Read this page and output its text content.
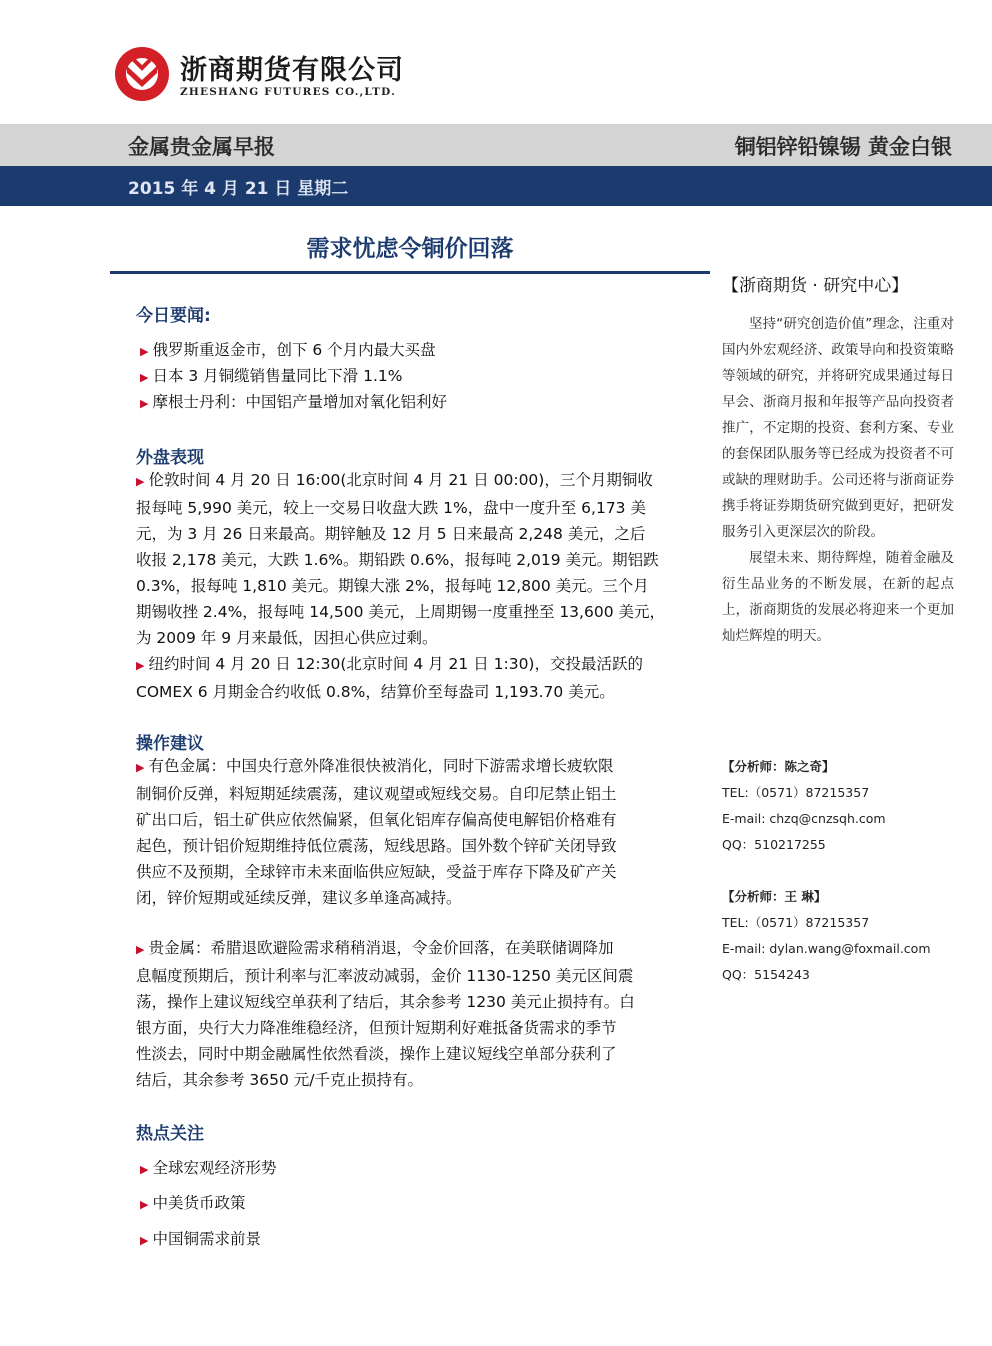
浙商期货有限公司
ZHESHANG FUTURES CO.,LTD.
金属贵金属早报	铜铝锌铅镍锡 黄金白银
2015 年 4 月 21 日 星期二
需求忧虑令铜价回落
今日要闻:
▶ 俄罗斯重返金市，创下 6 个月内最大买盘
▶ 日本 3 月铜缆销售量同比下滑 1.1%
▶ 摩根士丹利：中国铝产量增加对氧化铝利好
外盘表现
▶ 伦敦时间 4 月 20 日 16:00(北京时间 4 月 21 日 00:00)，三个月期铜收
报每吨 5,990 美元，较上一交易日收盘大跌 1%，盘中一度升至 6,173 美
元，为 3 月 26 日来最高。期锌触及 12 月 5 日来最高 2,248 美元，之后
收报 2,178 美元，大跌 1.6%。期铅跌 0.6%，报每吨 2,019 美元。期铝跌
0.3%，报每吨 1,810 美元。期镍大涨 2%，报每吨 12,800 美元。三个月
期锡收挫 2.4%，报每吨 14,500 美元，上周期锡一度重挫至 13,600 美元，
为 2009 年 9 月来最低，因担心供应过剩。
▶ 纽约时间 4 月 20 日 12:30(北京时间 4 月 21 日 1:30)，交投最活跃的
COMEX 6 月期金合约收低 0.8%，结算价至每盎司 1,193.70 美元。
操作建议
▶ 有色金属：中国央行意外降准很快被消化，同时下游需求增长疲软限
制铜价反弹，料短期延续震荡，建议观望或短线交易。自印尼禁止铝土
矿出口后，铝土矿供应依然偏紧，但氧化铝库存偏高使电解铝价格难有
起色，预计铝价短期维持低位震荡，短线思路。国外数个锌矿关闭导致
供应不及预期，全球锌市未来面临供应短缺，受益于库存下降及矿产关
闭，锌价短期或延续反弹，建议多单逢高减持。
▶ 贵金属：希腊退欧避险需求稍稍消退，令金价回落，在美联储调降加
息幅度预期后，预计利率与汇率波动减弱，金价 1130-1250 美元区间震
荡，操作上建议短线空单获利了结后，其余参考 1230 美元止损持有。白
银方面，央行大力降准维稳经济，但预计短期利好难抵备货需求的季节
性淡去，同时中期金融属性依然看淡，操作上建议短线空单部分获利了
结后，其余参考 3650 元/千克止损持有。
热点关注
▶ 全球宏观经济形势
▶ 中美货币政策
▶ 中国铜需求前景
【浙商期货 · 研究中心】

坚持“研究创造价值”理念，注重对国内外宏观经济、政策导向和投资策略等领域的研究，并将研究成果通过每日早会、浙商月报和年报等产品向投资者推广，不定期的投资、套利方案、专业的套保团队服务等已经成为投资者不可或缺的理财助手。公司还将与浙商证券携手将证券期货研究做到更好，把研发服务引入更深层次的阶段。

展望未来、期待辉煌，随着金融及衍生品业务的不断发展，在新的起点上，浙商期货的发展必将迎来一个更加灿烂辉煌的明天。

【分析师：陈之奇】
TEL:（0571）87215357
E-mail: chzq@cnzsqh.com
QQ：510217255
【分析师：王 琳】
TEL:（0571）87215357
E-mail: dylan.wang@foxmail.com
QQ：5154243
